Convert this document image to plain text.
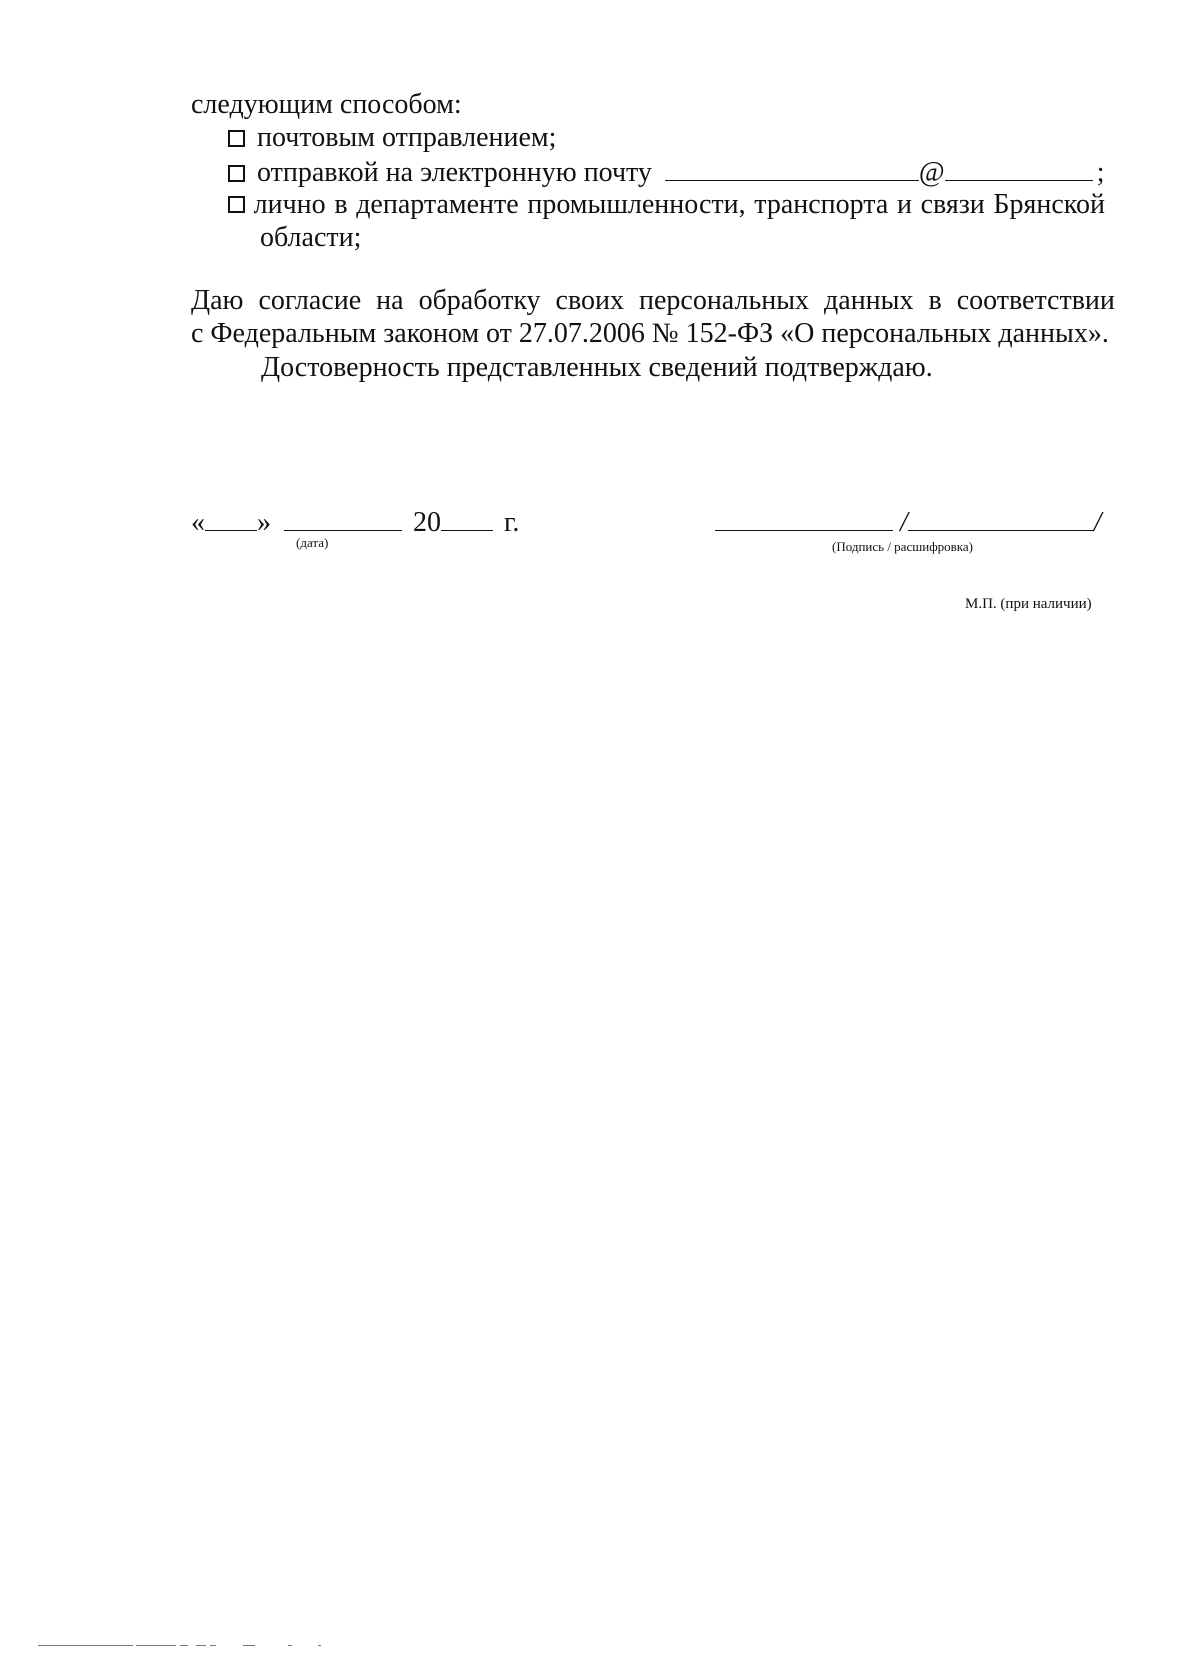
следующим способом:
почтовым отправлением;
отправкой на электронную почту	@	;
лично в департаменте промышленности, транспорта и связи Брянской
области;
Даю согласие на обработку своих персональных данных в соответствии
с Федеральным законом от 27.07.2006 № 152-ФЗ «О персональных данных».
Достоверность представленных сведений подтверждаю.
« »	20 г.
(дата)
/	/
(Подпись / расшифровка)
М.П. (при наличии)
